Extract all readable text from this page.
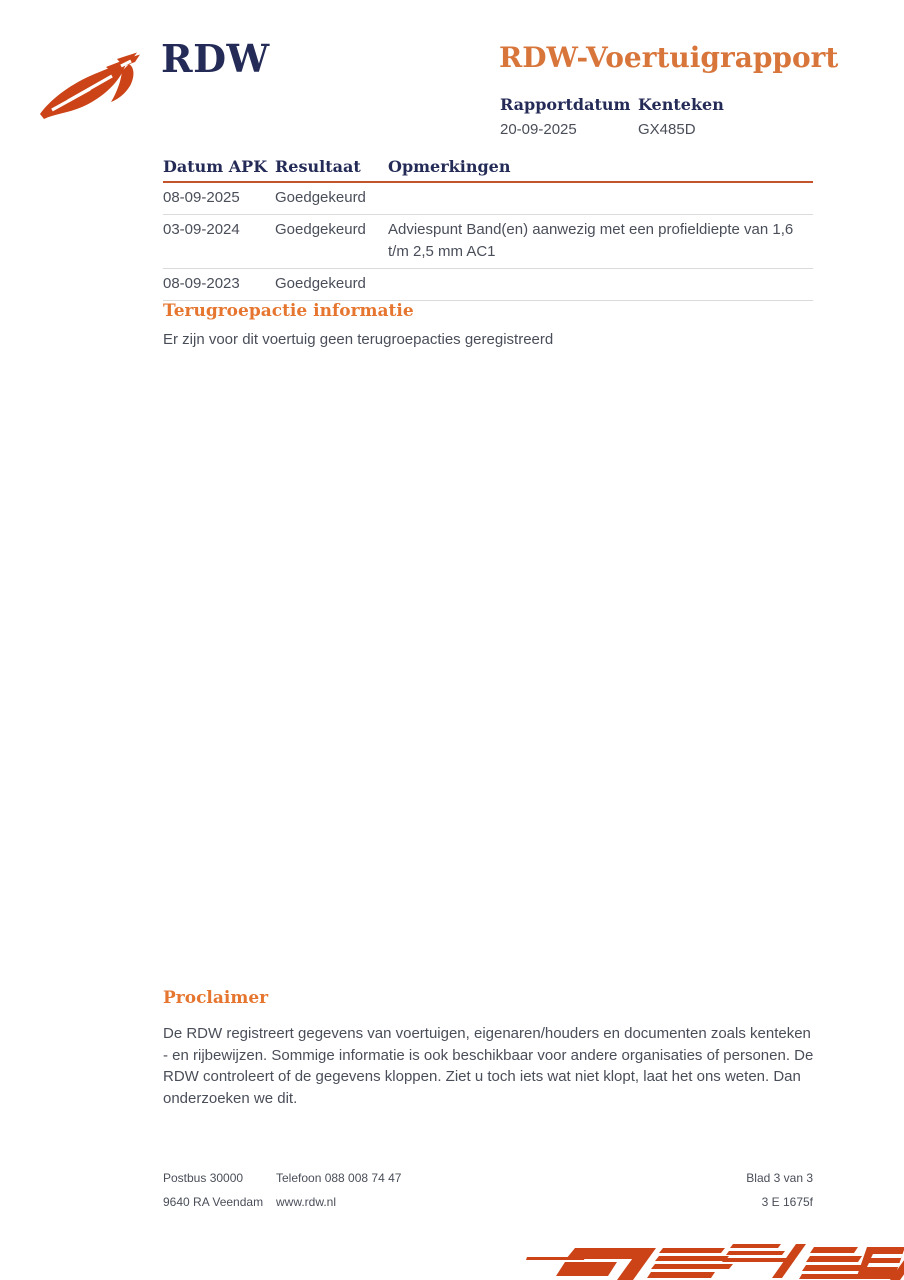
RDW	RDW-Voertuigrapport
Rapportdatum
20-09-2025
Kenteken
GX485D
Datum APK	Resultaat	Opmerkingen
08-09-2025	Goedgekeurd	
03-09-2024	Goedgekeurd	Adviespunt Band(en) aanwezig met een profieldiepte van 1,6 t/m 2,5 mm AC1
08-09-2023	Goedgekeurd	
Terugroepactie informatie

Er zijn voor dit voertuig geen terugroepacties geregistreerd

Proclaimer

De RDW registreert gegevens van voertuigen, eigenaren/houders en documenten zoals kenteken - en rijbewijzen. Sommige informatie is ook beschikbaar voor andere organisaties of personen. De RDW controleert of de gegevens kloppen. Ziet u toch iets wat niet klopt, laat het ons weten. Dan onderzoeken we dit.

Postbus 30000	Telefoon 088 008 74 47	Blad 3 van 3
9640 RA Veendam www.rdw.nl	3 E 1675f
